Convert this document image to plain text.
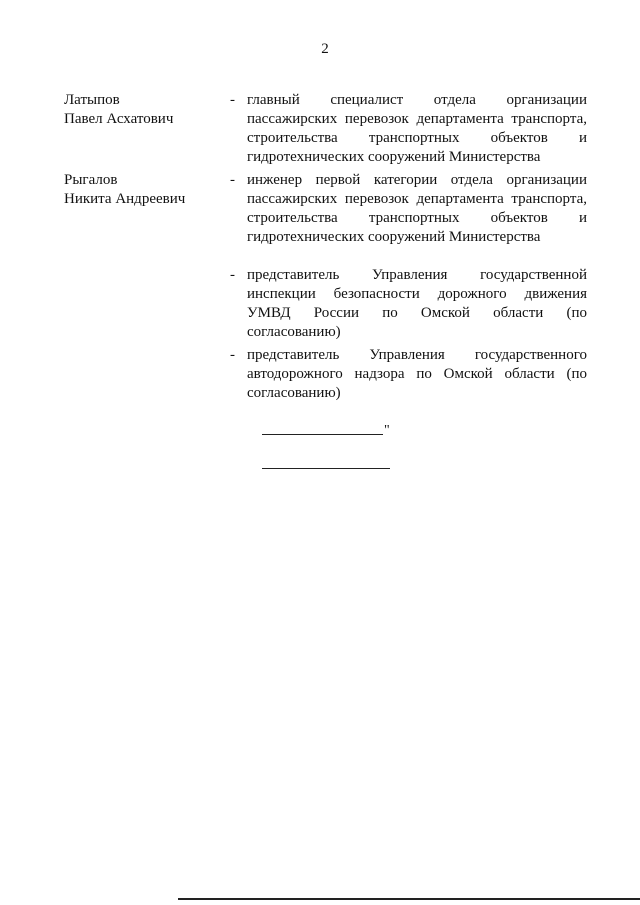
2
Латыпов
Павел Асхатович
- главный специалист отдела организации
пассажирских перевозок департамента транспорта,
строительства транспортных объектов и
гидротехнических сооружений Министерства
Рыгалов
Никита Андреевич
- инженер первой категории отдела организации
пассажирских перевозок департамента транспорта,
строительства транспортных объектов и
гидротехнических сооружений Министерства
- представитель Управления государственной
инспекции безопасности дорожного движения
УМВД России по Омской области (по
согласованию)
- представитель Управления государственного
автодорожного надзора по Омской области (по
согласованию)
"
